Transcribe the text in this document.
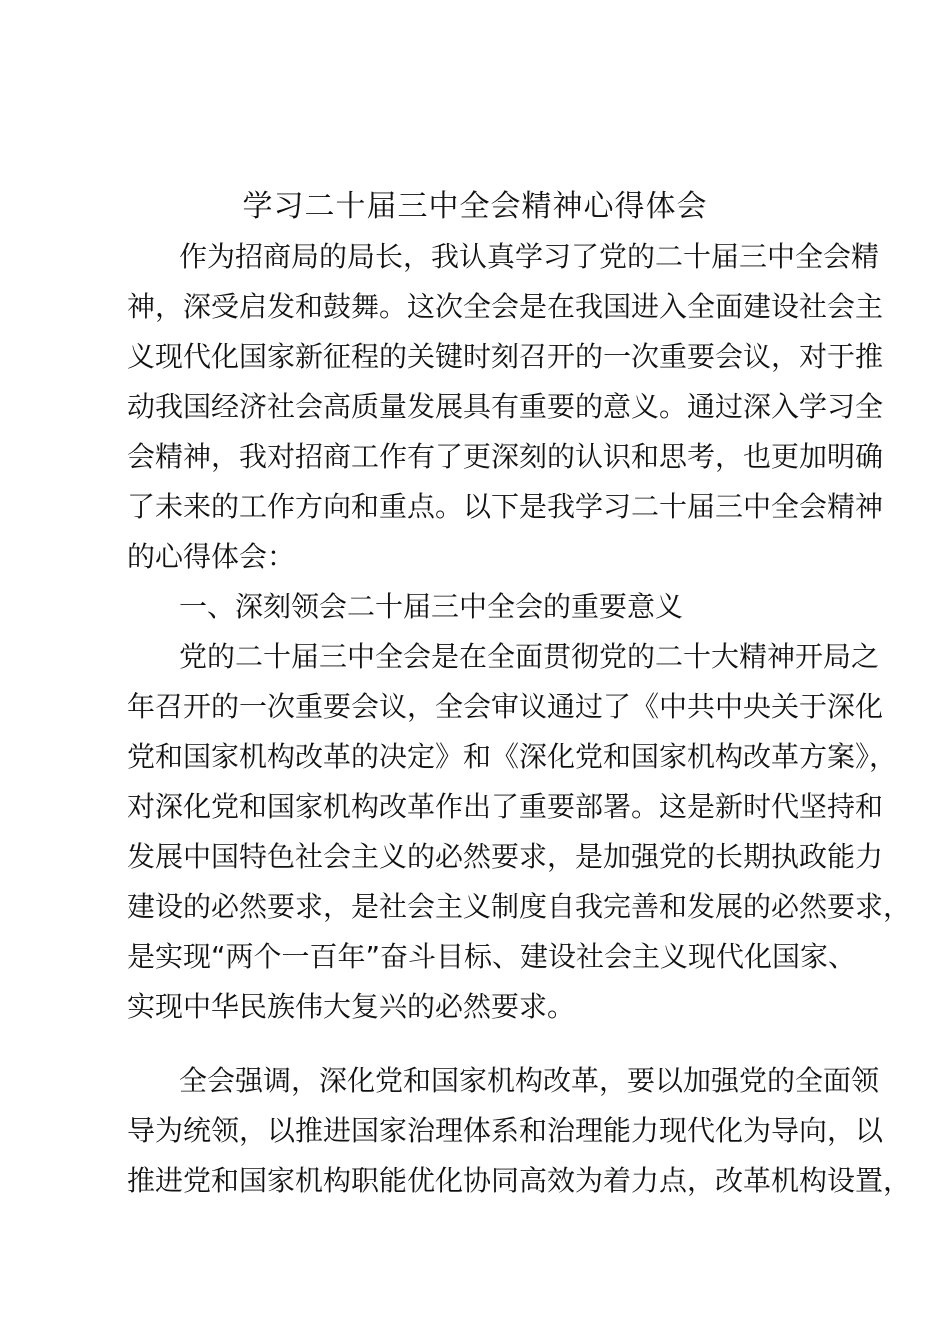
学习二十届三中全会精神心得体会
作为招商局的局长，我认真学习了党的二十届三中全会精
神，深受启发和鼓舞。这次全会是在我国进入全面建设社会主
义现代化国家新征程的关键时刻召开的一次重要会议，对于推
动我国经济社会高质量发展具有重要的意义。通过深入学习全
会精神，我对招商工作有了更深刻的认识和思考，也更加明确
了未来的工作方向和重点。以下是我学习二十届三中全会精神
的心得体会：
一、深刻领会二十届三中全会的重要意义
党的二十届三中全会是在全面贯彻党的二十大精神开局之
年召开的一次重要会议，全会审议通过了《中共中央关于深化
党和国家机构改革的决定》和《深化党和国家机构改革方案》，
对深化党和国家机构改革作出了重要部署。这是新时代坚持和
发展中国特色社会主义的必然要求，是加强党的长期执政能力
建设的必然要求，是社会主义制度自我完善和发展的必然要求，
是实现“两个一百年”奋斗目标、建设社会主义现代化国家、
实现中华民族伟大复兴的必然要求。
全会强调，深化党和国家机构改革，要以加强党的全面领
导为统领，以推进国家治理体系和治理能力现代化为导向，以
推进党和国家机构职能优化协同高效为着力点，改革机构设置，
